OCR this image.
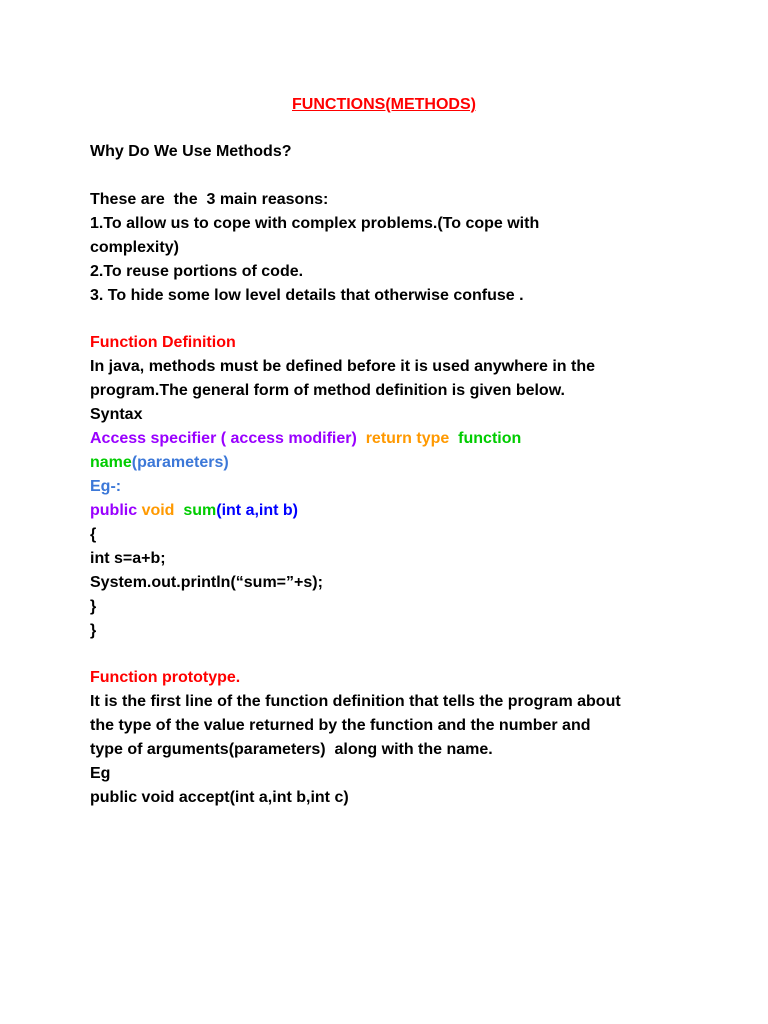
FUNCTIONS(METHODS)
Why Do We Use Methods?
These are  the  3 main reasons:
1.To allow us to cope with complex problems.(To cope with
complexity)
2.To reuse portions of code.
3. To hide some low level details that otherwise confuse .
Function Definition
In java, methods must be defined before it is used anywhere in the
program.The general form of method definition is given below.
Syntax
Access specifier ( access modifier) return type function
name(parameters)
Eg-:
public void sum(int a,int b)
{
int s=a+b;
System.out.println(“sum=”+s);
}
}
Function prototype.
It is the first line of the function definition that tells the program about
the type of the value returned by the function and the number and
type of arguments(parameters)  along with the name.
Eg
public void accept(int a,int b,int c)
